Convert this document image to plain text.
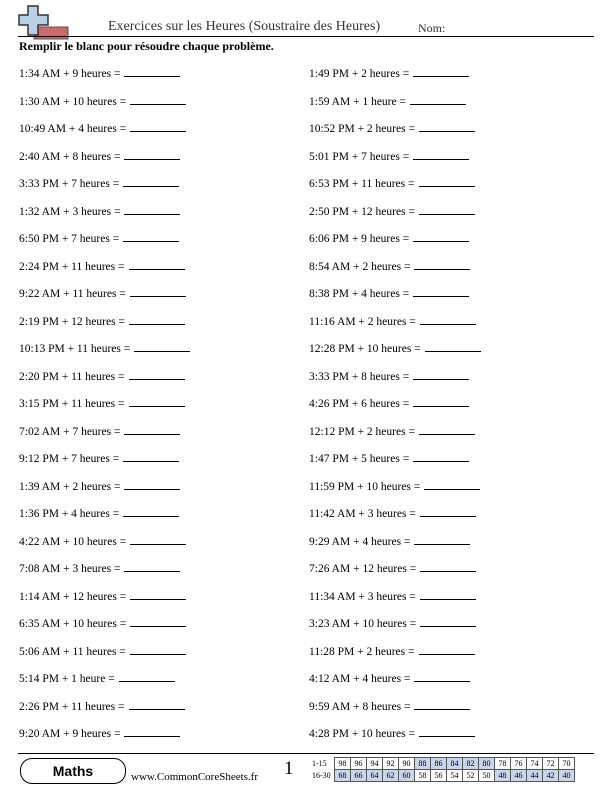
Exercices sur les Heures (Soustraire des Heures)	Nom:
Remplir le blanc pour résoudre chaque problème.
1:34 AM + 9 heures =
1:30 AM + 10 heures =
10:49 AM + 4 heures =
2:40 AM + 8 heures =
3:33 PM + 7 heures =
1:32 AM + 3 heures =
6:50 PM + 7 heures =
2:24 PM + 11 heures =
9:22 AM + 11 heures =
2:19 PM + 12 heures =
10:13 PM + 11 heures =
2:20 PM + 11 heures =
3:15 PM + 11 heures =
7:02 AM + 7 heures =
9:12 PM + 7 heures =
1:39 AM + 2 heures =
1:36 PM + 4 heures =
4:22 AM + 10 heures =
7:08 AM + 3 heures =
1:14 AM + 12 heures =
6:35 AM + 10 heures =
5:06 AM + 11 heures =
5:14 PM + 1 heure =
2:26 PM + 11 heures =
9:20 AM + 9 heures =
1:49 PM + 2 heures =
1:59 AM + 1 heure =
10:52 PM + 2 heures =
5:01 PM + 7 heures =
6:53 PM + 11 heures =
2:50 PM + 12 heures =
6:06 PM + 9 heures =
8:54 AM + 2 heures =
8:38 PM + 4 heures =
11:16 AM + 2 heures =
12:28 PM + 10 heures =
3:33 PM + 8 heures =
4:26 PM + 6 heures =
12:12 PM + 2 heures =
1:47 PM + 5 heures =
11:59 PM + 10 heures =
11:42 AM + 3 heures =
9:29 AM + 4 heures =
7:26 AM + 12 heures =
11:34 AM + 3 heures =
3:23 AM + 10 heures =
11:28 PM + 2 heures =
4:12 AM + 4 heures =
9:59 AM + 8 heures =
4:28 PM + 10 heures =
Maths	www.CommonCoreSheets.fr 1 1-15	98	96	94	92	90	88	86	84	82	80	78	76	74	72	70
16-30	68	66	64	62	60	58	56	54	52	50	48	46	44	42	40
